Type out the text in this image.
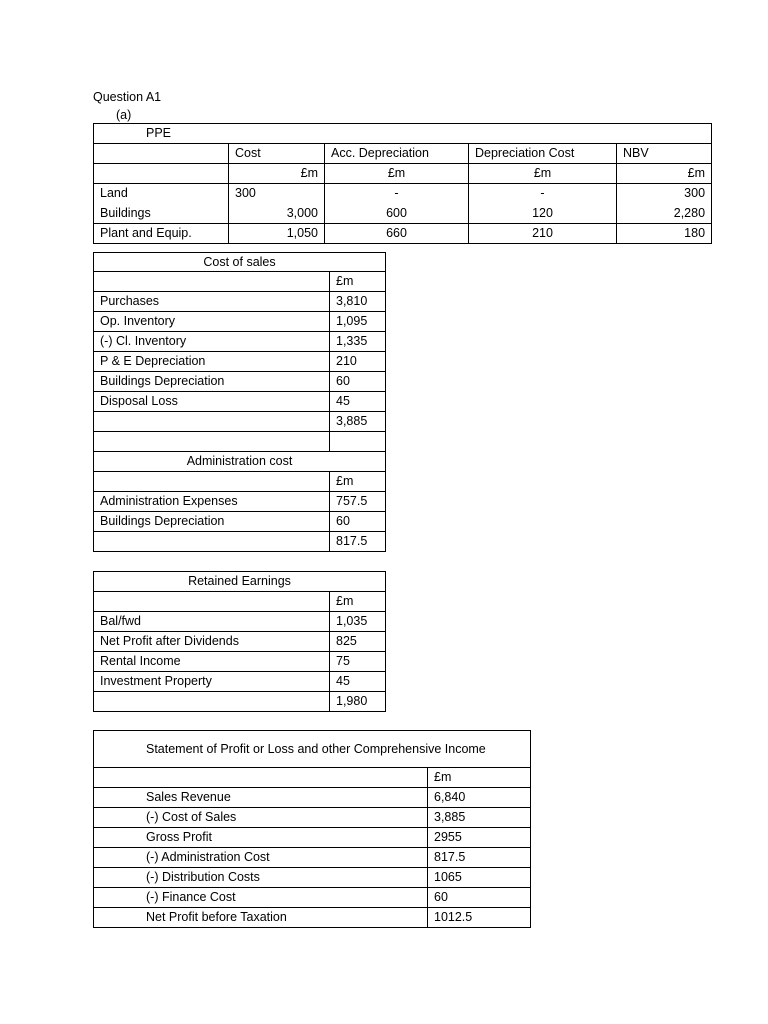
Question A1
(a)
PPE				
	Cost	Acc. Depreciation	Depreciation Cost	NBV
	£m	£m	£m	£m
Land	300	-	-	300
Buildings	3,000	600	120	2,280
Plant and Equip.	1,050	660	210	180
Cost of sales	
	£m
Purchases	3,810
Op. Inventory	1,095
(-) Cl. Inventory	1,335
P & E Depreciation	210
Buildings Depreciation	60
Disposal Loss	45
	3,885

Administration cost	
	£m
Administration Expenses	757.5
Buildings Depreciation	60
	817.5
Retained Earnings	
	£m
Bal/fwd	1,035
Net Profit after Dividends	825
Rental Income	75
Investment Property	45
	1,980
Statement of Profit or Loss and other Comprehensive Income	
	£m
Sales Revenue	6,840
(-) Cost of Sales	3,885
Gross Profit	2955
(-) Administration Cost	817.5
(-) Distribution Costs	1065
(-) Finance Cost	60
Net Profit before Taxation	1012.5
